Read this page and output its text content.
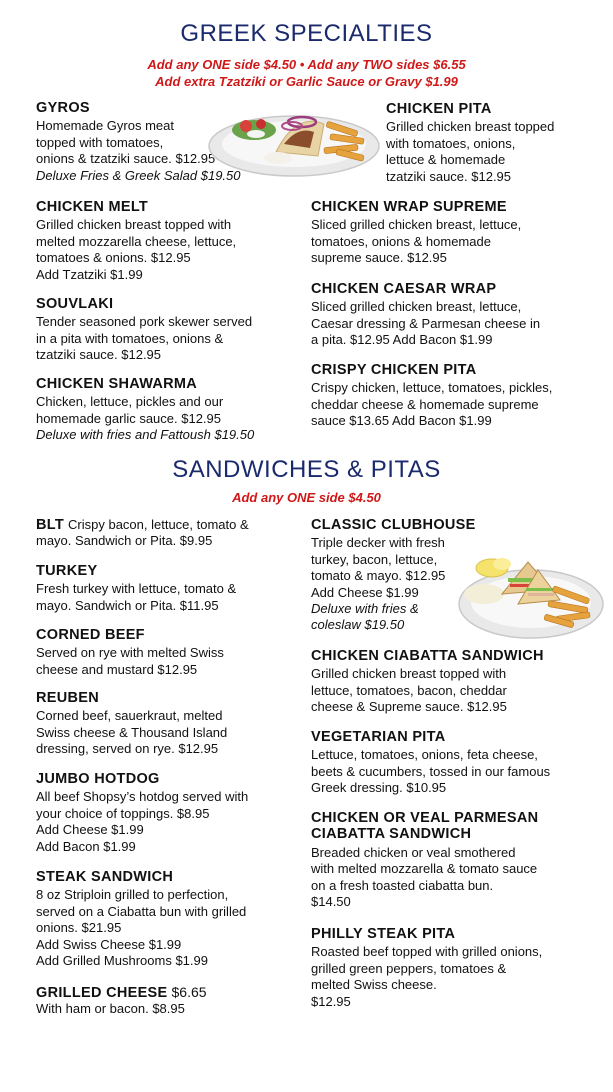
GREEK SPECIALTIES
Add any ONE side $4.50 • Add any TWO sides $6.55
Add extra Tzatziki or Garlic Sauce or Gravy $1.99
GYROS
Homemade Gyros meat
topped with tomatoes,
onions & tzatziki sauce. $12.95
Deluxe Fries & Greek Salad $19.50
CHICKEN PITA
Grilled chicken breast topped
with tomatoes, onions,
lettuce & homemade
tzatziki sauce. $12.95
CHICKEN MELT
Grilled chicken breast topped with
melted mozzarella cheese, lettuce,
tomatoes & onions. $12.95
Add Tzatziki $1.99
CHICKEN WRAP SUPREME
Sliced grilled chicken breast, lettuce,
tomatoes, onions & homemade
supreme sauce. $12.95
CHICKEN CAESAR WRAP
Sliced grilled chicken breast, lettuce,
Caesar dressing & Parmesan cheese in
a pita. $12.95 Add Bacon $1.99
SOUVLAKI
Tender seasoned pork skewer served
in a pita with tomatoes, onions &
tzatziki sauce. $12.95
CRISPY CHICKEN PITA
Crispy chicken, lettuce, tomatoes, pickles,
cheddar cheese & homemade supreme
sauce $13.65 Add Bacon $1.99
CHICKEN SHAWARMA
Chicken, lettuce, pickles and our
homemade garlic sauce. $12.95
Deluxe with fries and Fattoush $19.50
SANDWICHES & PITAS
Add any ONE side $4.50
BLT Crispy bacon, lettuce, tomato &
mayo. Sandwich or Pita. $9.95
CLASSIC CLUBHOUSE
Triple decker with fresh
turkey, bacon, lettuce,
tomato & mayo. $12.95
Add Cheese $1.99
Deluxe with fries &
coleslaw $19.50
TURKEY
Fresh turkey with lettuce, tomato &
mayo. Sandwich or Pita. $11.95
CORNED BEEF
Served on rye with melted Swiss
cheese and mustard $12.95
CHICKEN CIABATTA SANDWICH
Grilled chicken breast topped with
lettuce, tomatoes, bacon, cheddar
cheese & Supreme sauce. $12.95
REUBEN
Corned beef, sauerkraut, melted
Swiss cheese & Thousand Island
dressing, served on rye. $12.95
VEGETARIAN PITA
Lettuce, tomatoes, onions, feta cheese,
beets & cucumbers, tossed in our famous
Greek dressing. $10.95
JUMBO HOTDOG
All beef Shopsy’s hotdog served with
your choice of toppings. $8.95
Add Cheese $1.99
Add Bacon $1.99
CHICKEN OR VEAL PARMESAN
CIABATTA SANDWICH
Breaded chicken or veal smothered
with melted mozzarella & tomato sauce
on a fresh toasted ciabatta bun.
$14.50
STEAK SANDWICH
8 oz Striploin grilled to perfection,
served on a Ciabatta bun with grilled
onions. $21.95
Add Swiss Cheese $1.99
Add Grilled Mushrooms $1.99
PHILLY STEAK PITA
Roasted beef topped with grilled onions,
grilled green peppers, tomatoes &
melted Swiss cheese.
$12.95
GRILLED CHEESE $6.65
With ham or bacon. $8.95
